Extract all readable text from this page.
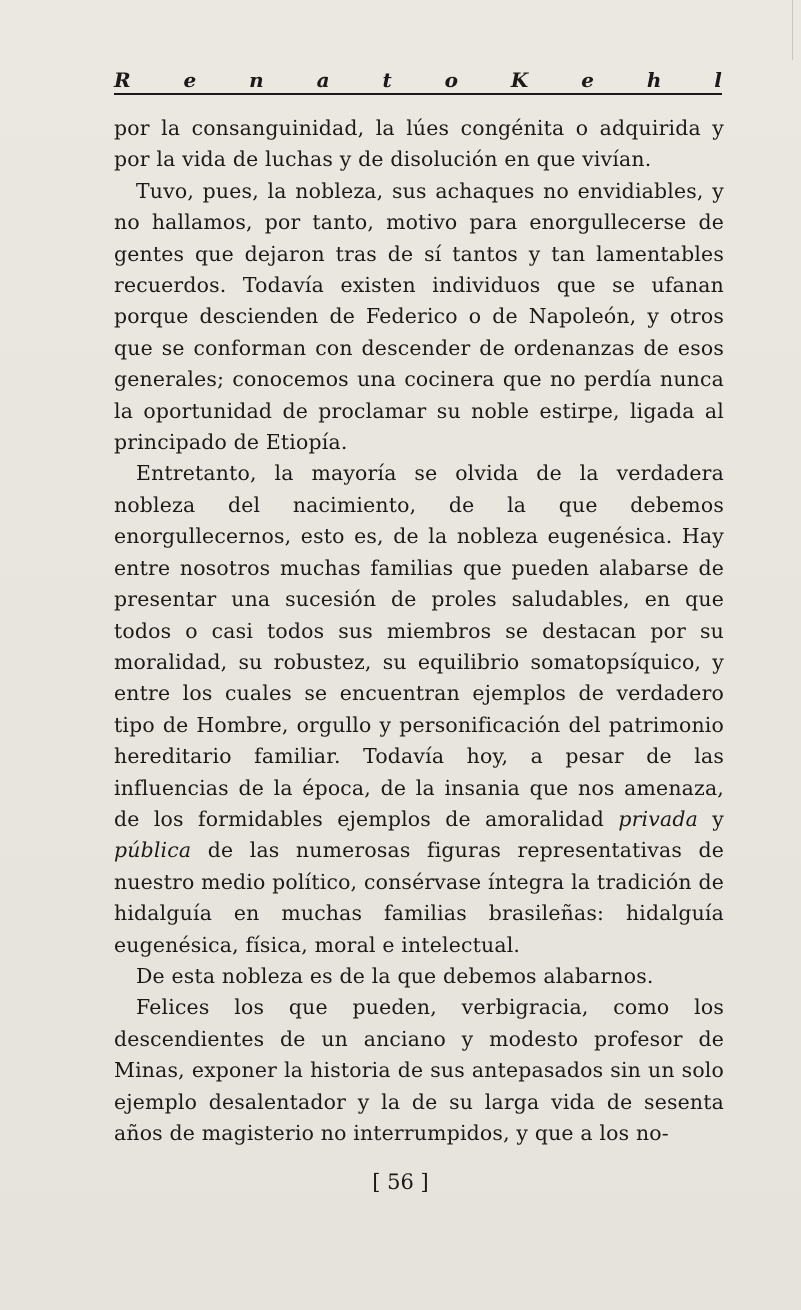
R	e	n	a	t	o	K	e	h	l

por la consanguinidad, la lúes congénita o adquirida y por la vida de luchas y de disolución en que vivían.

Tuvo, pues, la nobleza, sus achaques no envidiables, y no hallamos, por tanto, motivo para enorgullecerse de gentes que dejaron tras de sí tantos y tan lamentables recuerdos. Todavía existen individuos que se ufanan porque descienden de Federico o de Napoleón, y otros que se conforman con descender de ordenanzas de esos generales; conocemos una cocinera que no perdía nunca la oportunidad de proclamar su noble estirpe, ligada al principado de Etiopía.

Entretanto, la mayoría se olvida de la verdadera nobleza del nacimiento, de la que debemos enorgullecernos, esto es, de la nobleza eugenésica. Hay entre nosotros muchas familias que pueden alabarse de presentar una sucesión de proles saludables, en que todos o casi todos sus miembros se destacan por su moralidad, su robustez, su equilibrio somatopsíquico, y entre los cuales se encuentran ejemplos de verdadero tipo de Hombre, orgullo y personificación del patrimonio hereditario familiar. Todavía hoy, a pesar de las influencias de la época, de la insania que nos amenaza, de los formidables ejemplos de amoralidad privada y pública de las numerosas figuras representativas de nuestro medio político, consérvase íntegra la tradición de hidalguía en muchas familias brasileñas: hidalguía eugenésica, física, moral e intelectual.

De esta nobleza es de la que debemos alabarnos.

Felices los que pueden, verbigracia, como los descendientes de un anciano y modesto profesor de Minas, exponer la historia de sus antepasados sin un solo ejemplo desalentador y la de su larga vida de sesenta años de magisterio no interrumpidos, y que a los no-

[ 56 ]
